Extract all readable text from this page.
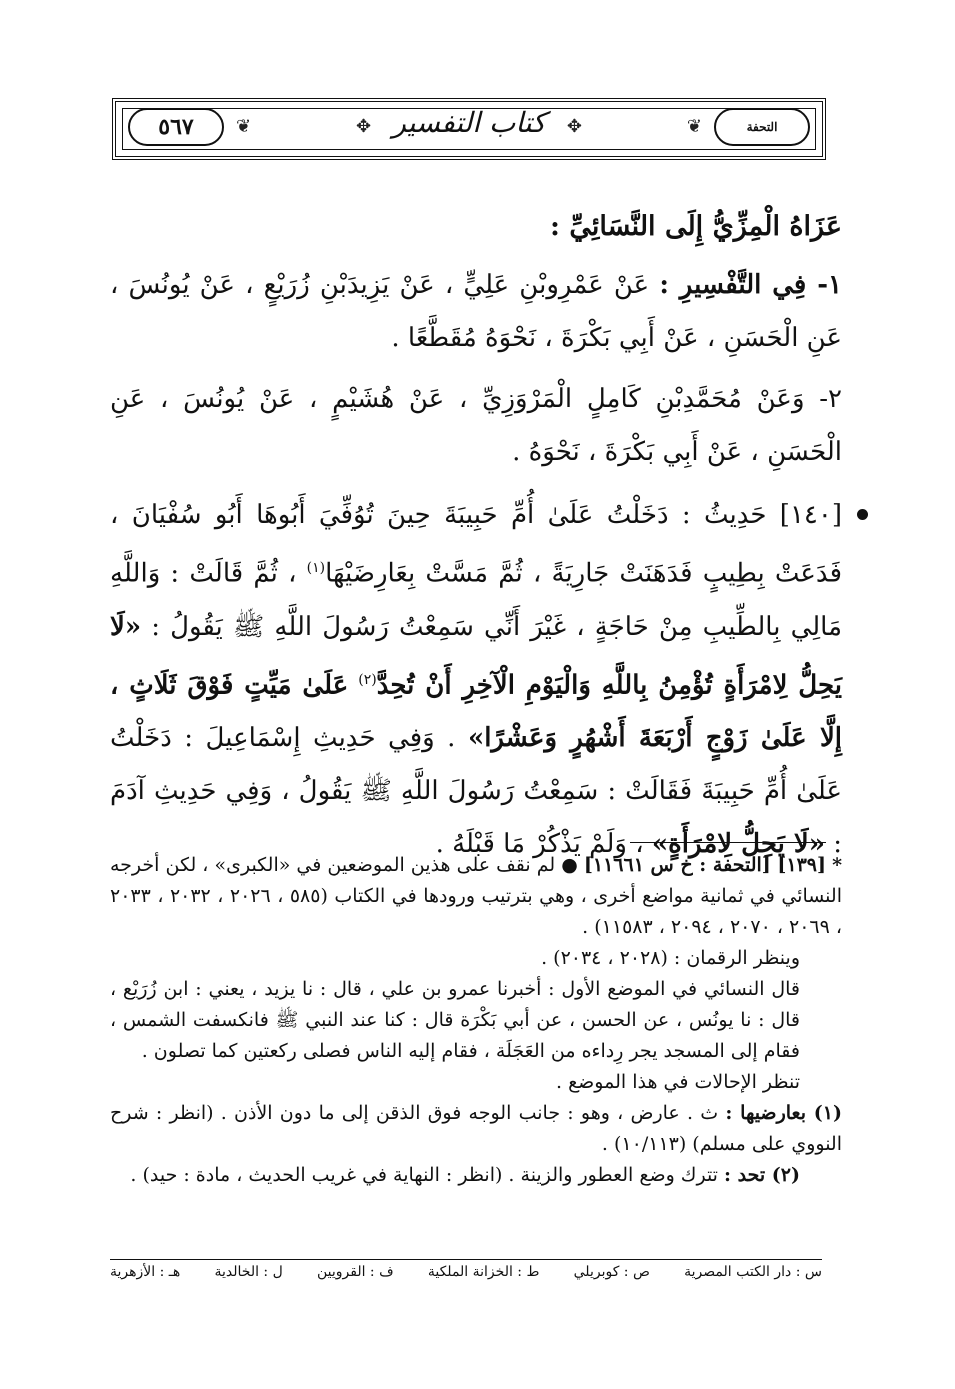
التحفة
٥٦٧	❦	❦
✥	✥
كتاب التفسير
عَزَاهُ الْمِزِّيُّ إِلَى النَّسَائِيِّ :
١- فِي التَّفْسِيرِ : عَنْ عَمْرِوبْنِ عَلِيٍّ ، عَنْ يَزِيدَبْنِ زُرَيْعٍ ، عَنْ يُونُسَ ، عَنِ الْحَسَنِ ، عَنْ أَبِي بَكْرَةَ ، نَحْوَهُ مُقَطَّعًا .
٢- وَعَنْ مُحَمَّدِبْنِ كَامِلٍ الْمَرْوَزِيِّ ، عَنْ هُشَيْمٍ ، عَنْ يُونُسَ ، عَنِ الْحَسَنِ ، عَنْ أَبِي بَكْرَةَ ، نَحْوَهُ .
[١٤٠] حَدِيثُ : دَخَلْتُ عَلَىٰ أُمِّ حَبِيبَةَ حِينَ تُوُفِّيَ أَبُوهَا أَبُو سُفْيَانَ ، فَدَعَتْ بِطِيبٍ فَدَهَنَتْ جَارِيَةً ، ثُمَّ مَسَّتْ بِعَارِضَيْهَا$^{(١)}$ ، ثُمَّ قَالَتْ : وَاللَّهِ مَالِي بِالطِّيبِ مِنْ حَاجَةٍ ، غَيْرَ أَنِّي سَمِعْتُ رَسُولَ اللَّهِ ﷺ يَقُولُ : «لَا يَحِلُّ لِامْرَأَةٍ تُؤْمِنُ بِاللَّهِ وَالْيَوْمِ الْآخِرِ أَنْ تُحِدَّ$^{(٢)}$ عَلَىٰ مَيِّتٍ فَوْقَ ثَلَاثٍ ، إِلَّا عَلَىٰ زَوْجٍ أَرْبَعَةَ أَشْهُرٍ وَعَشْرًا» . وَفِي حَدِيثِ إِسْمَاعِيلَ : دَخَلْتُ عَلَىٰ أُمِّ حَبِيبَةَ فَقَالَتْ : سَمِعْتُ رَسُولَ اللَّهِ ﷺ يَقُولُ ، وَفِي حَدِيثِ آدَمَ : «لَا يَحِلُّ لِامْرَأَةٍ» ، وَلَمْ يَذْكُرْ مَا قَبْلَهُ .

* [١٣٩] [التحفة : خ س ١١٦٦١] ● لم نقف على هذين الموضعين في «الكبرى» ، لكن أخرجه النسائي في ثمانية مواضع أخرى ، وهي بترتيب ورودها في الكتاب (٥٨٥ ، ٢٠٢٦ ، ٢٠٣٢ ، ٢٠٣٣ ، ٢٠٦٩ ، ٢٠٧٠ ، ٢٠٩٤ ، ١١٥٨٣) .

وينظر الرقمان : (٢٠٢٨ ، ٢٠٣٤) .

قال النسائي في الموضع الأول : أخبرنا عمرو بن علي ، قال : نا يزيد ، يعني : ابن زُرَيْع ، قال : نا يونُس ، عن الحسن ، عن أبي بَكْرَة قال : كنا عند النبي ﷺ فانكسفت الشمس ، فقام إلى المسجد يجر رِداءه من العَجَلَة ، فقام إليه الناس فصلى ركعتين كما تصلون .

تنظر الإحالات في هذا الموضع .

(١) بعارضيها : ث . عارض ، وهو : جانب الوجه فوق الذقن إلى ما دون الأذن . (انظر : شرح النووي على مسلم) (١٠/١١٣) .

(٢) تحد : تترك وضع العطور والزينة . (انظر : النهاية في غريب الحديث ، مادة : حيد) .

س : دار الكتب المصرية
ص : كوبريلي
ط : الخزانة الملكية
ف : القرويين
ل : الخالدية
هـ : الأزهرية
